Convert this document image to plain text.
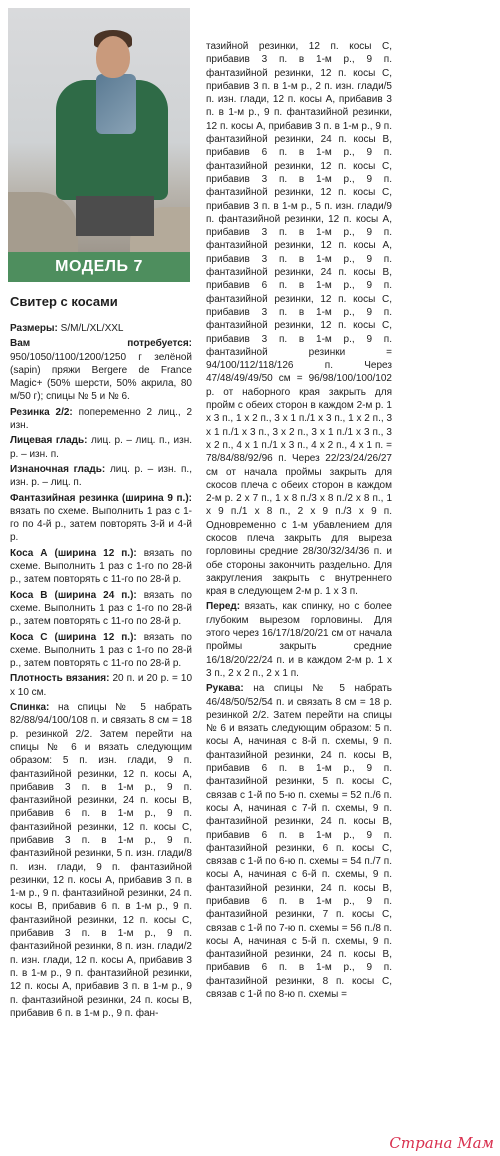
МОДЕЛЬ 7
Свитер с косами

Размеры: S/M/L/XL/XXL

Вам потребуется: 950/1050/1100/1200/1250 г зелёной (sapin) пряжи Bergere de France Magic+ (50% шерсти, 50% акрила, 80 м/50 г); спицы № 5 и № 6.

Резинка 2/2: попеременно 2 лиц., 2 изн.

Лицевая гладь: лиц. р. – лиц. п., изн. р. – изн. п.

Изнаночная гладь: лиц. р. – изн. п., изн. р. – лиц. п.

Фантазийная резинка (ширина 9 п.): вязать по схеме. Выполнить 1 раз с 1-го по 4-й р., затем повторять 3-й и 4-й р.

Коса А (ширина 12 п.): вязать по схеме. Выполнить 1 раз с 1-го по 28-й р., затем повторять с 11-го по 28-й р.

Коса В (ширина 24 п.): вязать по схеме. Выполнить 1 раз с 1-го по 28-й р., затем повторять с 11-го по 28-й р.

Коса С (ширина 12 п.): вязать по схеме. Выполнить 1 раз с 1-го по 28-й р., затем повторять с 11-го по 28-й р.

Плотность вязания: 20 п. и 20 р. = 10 х 10 см.

Спинка: на спицы № 5 набрать 82/88/94/100/108 п. и связать 8 см = 18 р. резинкой 2/2. Затем перейти на спицы № 6 и вязать следующим образом: 5 п. изн. глади, 9 п. фантазийной резинки, 12 п. косы А, прибавив 3 п. в 1-м р., 9 п. фантазийной резинки, 24 п. косы В, прибавив 6 п. в 1-м р., 9 п. фантазийной резинки, 12 п. косы С, прибавив 3 п. в 1-м р., 9 п. фантазийной резинки, 5 п. изн. глади/8 п. изн. глади, 9 п. фантазийной резинки, 12 п. косы А, прибавив 3 п. в 1-м р., 9 п. фантазийной резинки, 24 п. косы В, прибавив 6 п. в 1-м р., 9 п. фантазийной резинки, 12 п. косы С, прибавив 3 п. в 1-м р., 9 п. фантазийной резинки, 8 п. изн. глади/2 п. изн. глади, 12 п. косы А, прибавив 3 п. в 1-м р., 9 п. фантазийной резинки, 12 п. косы А, прибавив 3 п. в 1-м р., 9 п. фантазийной резинки, 24 п. косы В, прибавив 6 п. в 1-м р., 9 п. фан-

тазийной резинки, 12 п. косы С, прибавив 3 п. в 1-м р., 9 п. фантазийной резинки, 12 п. косы С, прибавив 3 п. в 1-м р., 2 п. изн. глади/5 п. изн. глади, 12 п. косы А, прибавив 3 п. в 1-м р., 9 п. фантазийной резинки, 12 п. косы А, прибавив 3 п. в 1-м р., 9 п. фантазийной резинки, 24 п. косы В, прибавив 6 п. в 1-м р., 9 п. фантазийной резинки, 12 п. косы С, прибавив 3 п. в 1-м р., 9 п. фантазийной резинки, 12 п. косы С, прибавив 3 п. в 1-м р., 5 п. изн. глади/9 п. фантазийной резинки, 12 п. косы А, прибавив 3 п. в 1-м р., 9 п. фантазийной резинки, 12 п. косы А, прибавив 3 п. в 1-м р., 9 п. фантазийной резинки, 24 п. косы В, прибавив 6 п. в 1-м р., 9 п. фантазийной резинки, 12 п. косы С, прибавив 3 п. в 1-м р., 9 п. фантазийной резинки, 12 п. косы С, прибавив 3 п. в 1-м р., 9 п. фантазийной резинки = 94/100/112/118/126 п. Через 47/48/49/49/50 см = 96/98/100/100/102 р. от наборного края закрыть для пройм с обеих сторон в каждом 2-м р. 1 х 3 п., 1 х 2 п., 3 х 1 п./1 х 3 п., 1 х 2 п., 3 х 1 п./1 х 3 п., 3 х 2 п., 3 х 1 п./1 х 3 п., 3 х 2 п., 4 х 1 п./1 х 3 п., 4 х 2 п., 4 х 1 п. = 78/84/88/92/96 п. Через 22/23/24/26/27 см от начала проймы закрыть для скосов плеча с обеих сторон в каждом 2-м р. 2 х 7 п., 1 х 8 п./3 х 8 п./2 х 8 п., 1 х 9 п./1 х 8 п., 2 х 9 п./3 х 9 п. Одновременно с 1-м убавлением для скосов плеча закрыть для выреза горловины средние 28/30/32/34/36 п. и обе стороны закончить раздельно. Для закругления закрыть с внутреннего края в следующем 2-м р. 1 х 3 п.

Перед: вязать, как спинку, но с более глубоким вырезом горловины. Для этого через 16/17/18/20/21 см от начала проймы закрыть средние 16/18/20/22/24 п. и в каждом 2-м р. 1 х 3 п., 2 х 2 п., 2 х 1 п.

Рукава: на спицы № 5 набрать 46/48/50/52/54 п. и связать 8 см = 18 р. резинкой 2/2. Затем перейти на спицы № 6 и вязать следующим образом: 5 п. косы А, начиная с 8-й п. схемы, 9 п. фантазийной резинки, 24 п. косы В, прибавив 6 п. в 1-м р., 9 п. фантазийной резинки, 5 п. косы С, связав с 1-й по 5-ю п. схемы = 52 п./6 п. косы А, начиная с 7-й п. схемы, 9 п. фантазийной резинки, 24 п. косы В, прибавив 6 п. в 1-м р., 9 п. фантазийной резинки, 6 п. косы С, связав с 1-й по 6-ю п. схемы = 54 п./7 п. косы А, начиная с 6-й п. схемы, 9 п. фантазийной резинки, 24 п. косы В, прибавив 6 п. в 1-м р., 9 п. фантазийной резинки, 7 п. косы С, связав с 1-й по 7-ю п. схемы = 56 п./8 п. косы А, начиная с 5-й п. схемы, 9 п. фантазийной резинки, 24 п. косы В, прибавив 6 п. в 1-м р., 9 п. фантазийной резинки, 8 п. косы С, связав с 1-й по 8-ю п. схемы =

Страна Мам
